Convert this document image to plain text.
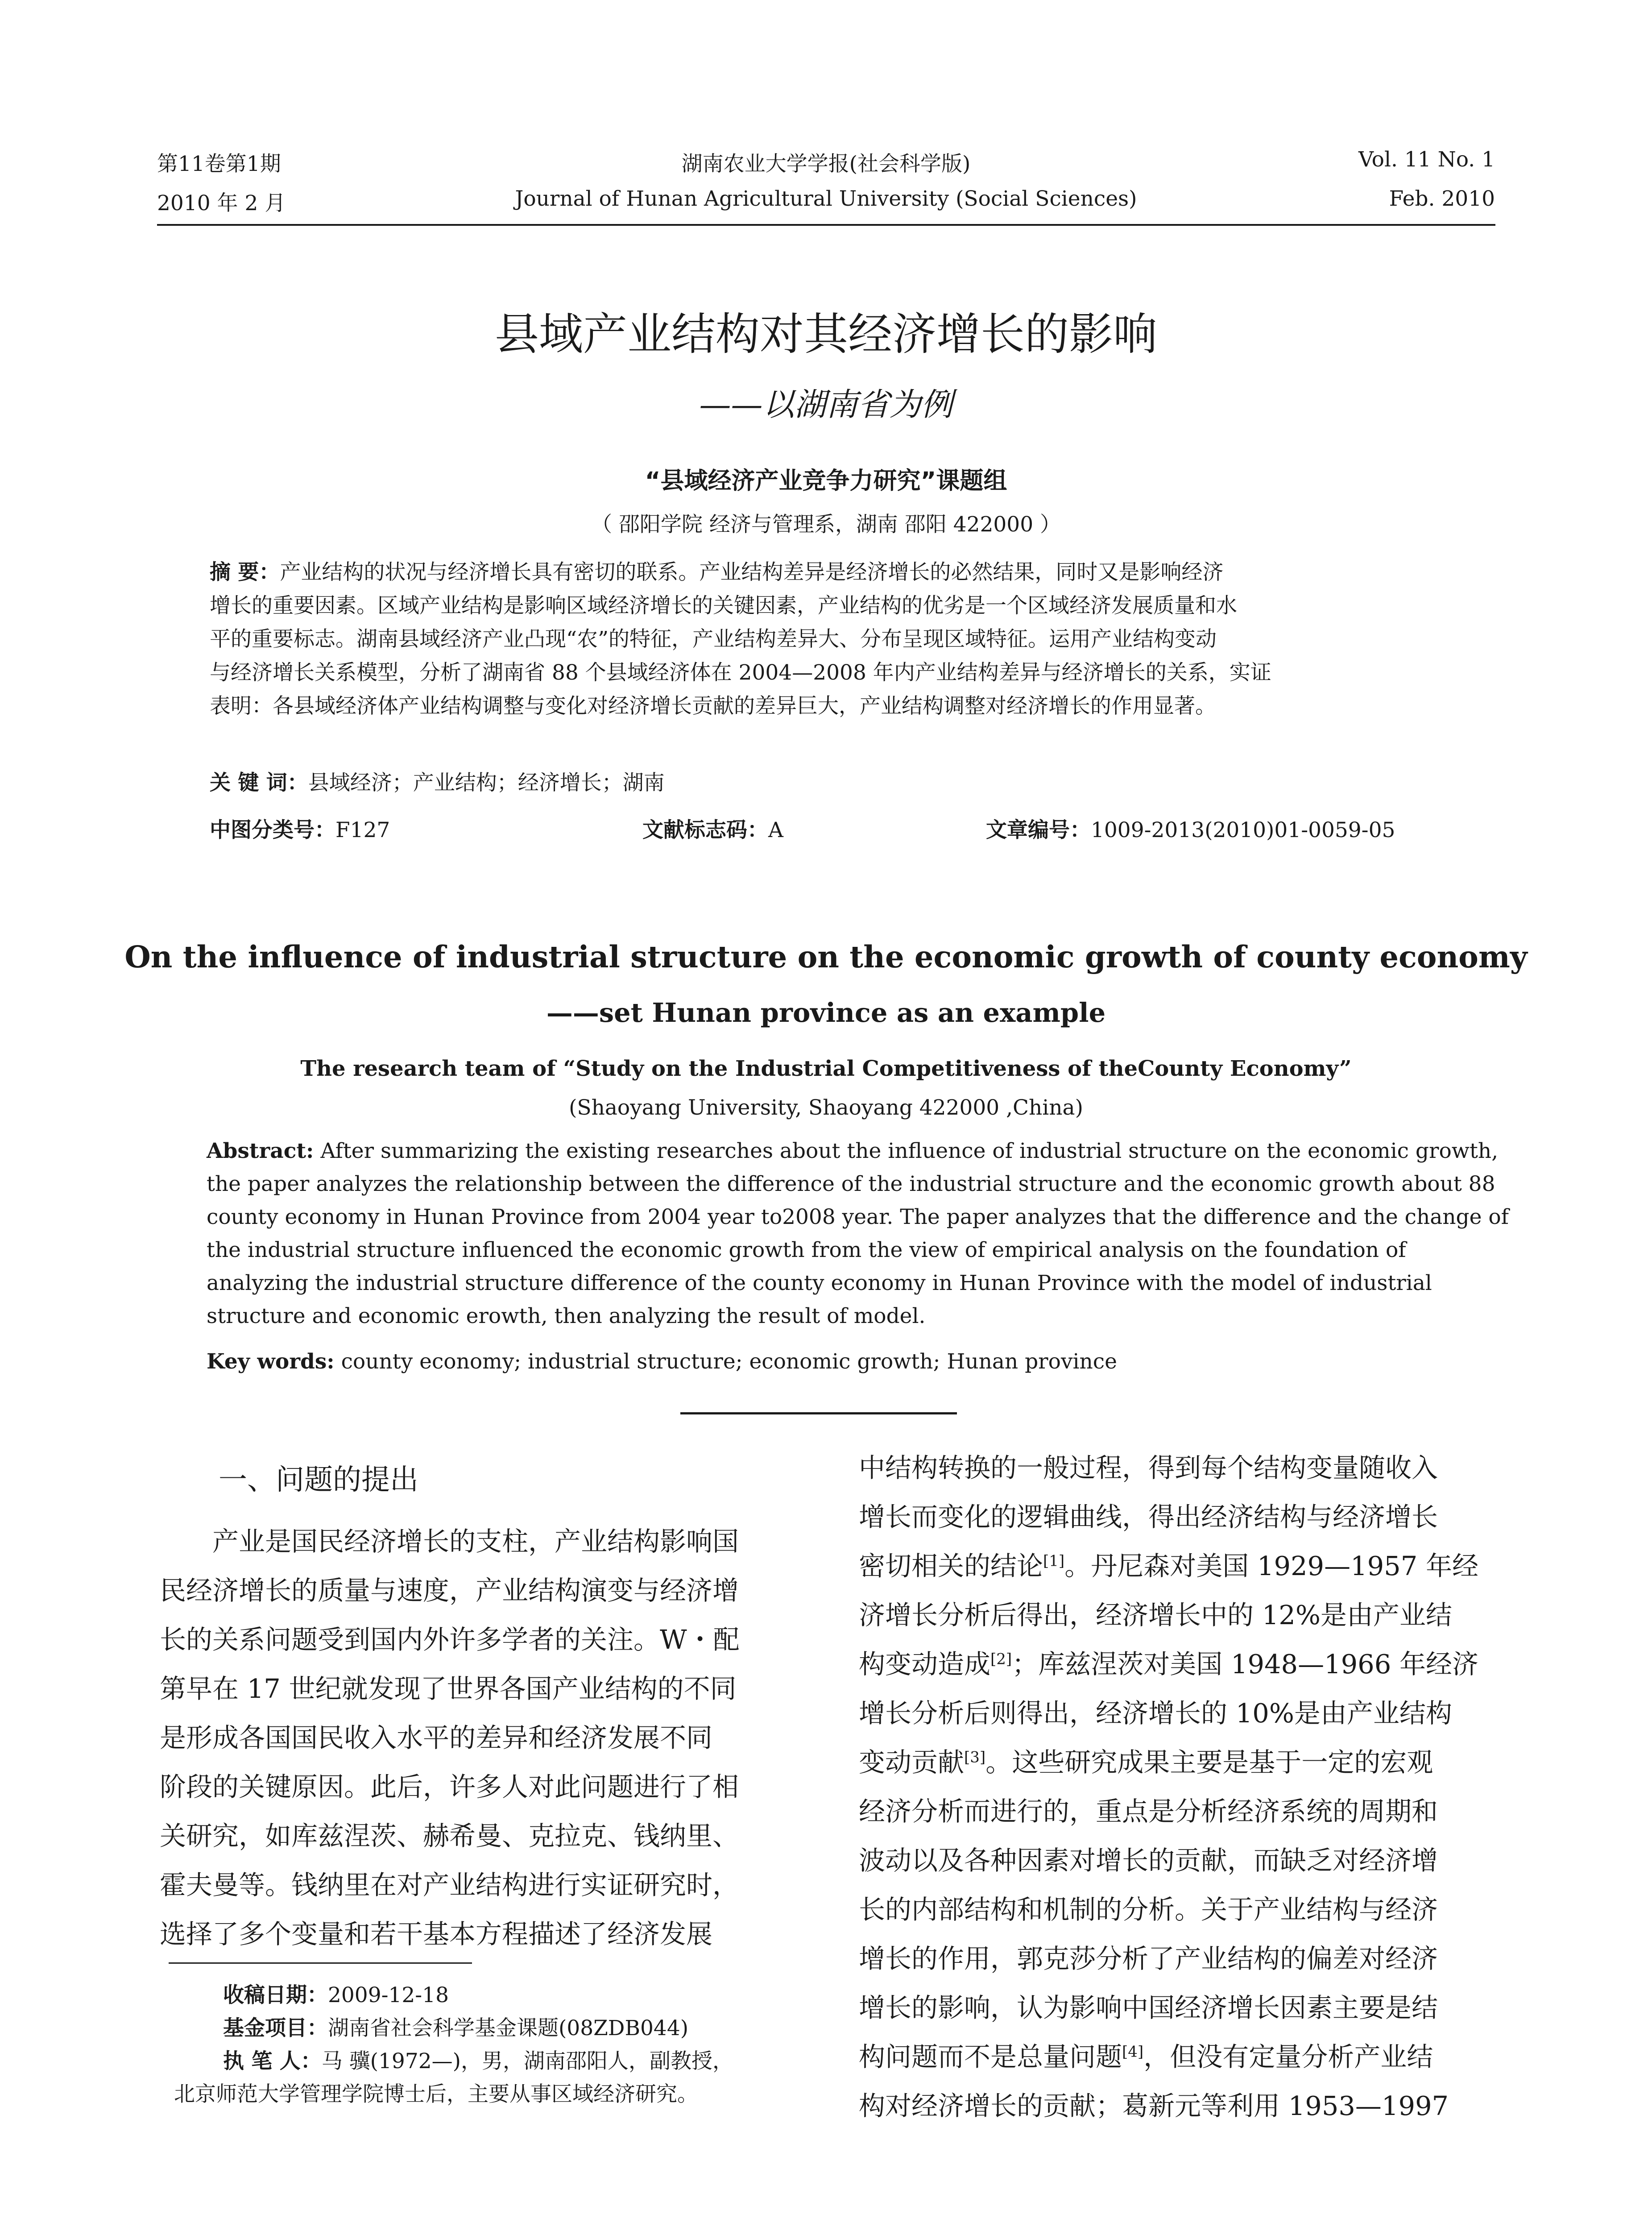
第11卷第1期	湖南农业大学学报(社会科学版)	Vol. 11 No. 1
2010 年 2 月	Journal of Hunan Agricultural University (Social Sciences)	Feb. 2010
县域产业结构对其经济增长的影响
——以湖南省为例
“县域经济产业竞争力研究”课题组
（ 邵阳学院 经济与管理系，湖南 邵阳 422000 ）
摘 要：产业结构的状况与经济增长具有密切的联系。产业结构差异是经济增长的必然结果，同时又是影响经济
增长的重要因素。区域产业结构是影响区域经济增长的关键因素，产业结构的优劣是一个区域经济发展质量和水
平的重要标志。湖南县域经济产业凸现“农”的特征，产业结构差异大、分布呈现区域特征。运用产业结构变动
与经济增长关系模型，分析了湖南省 88 个县域经济体在 2004—2008 年内产业结构差异与经济增长的关系，实证
表明：各县域经济体产业结构调整与变化对经济增长贡献的差异巨大，产业结构调整对经济增长的作用显著。
关 键 词：县域经济；产业结构；经济增长；湖南
中图分类号：F127	文献标志码：A	文章编号：1009-2013(2010)01-0059-05
On the influence of industrial structure on the economic growth of county economy
——set Hunan province as an example
The research team of “Study on the Industrial Competitiveness of theCounty Economy”
(Shaoyang University, Shaoyang 422000 ,China)
Abstract: After summarizing the existing researches about the influence of industrial structure on the economic growth,
the paper analyzes the relationship between the difference of the industrial structure and the economic growth about 88
county economy in Hunan Province from 2004 year to2008 year. The paper analyzes that the difference and the change of
the industrial structure influenced the economic growth from the view of empirical analysis on the foundation of
analyzing the industrial structure difference of the county economy in Hunan Province with the model of industrial
structure and economic erowth, then analyzing the result of model.
Key words: county economy; industrial structure; economic growth; Hunan province
一、问题的提出
产业是国民经济增长的支柱，产业结构影响国
民经济增长的质量与速度，产业结构演变与经济增
长的关系问题受到国内外许多学者的关注。W・配
第早在 17 世纪就发现了世界各国产业结构的不同
是形成各国国民收入水平的差异和经济发展不同
阶段的关键原因。此后，许多人对此问题进行了相
关研究，如库兹涅茨、赫希曼、克拉克、钱纳里、
霍夫曼等。钱纳里在对产业结构进行实证研究时，
选择了多个变量和若干基本方程描述了经济发展
收稿日期：2009-12-18
基金项目：湖南省社会科学基金课题(08ZDB044)
执 笔 人：马 骥(1972—)，男，湖南邵阳人，副教授，
北京师范大学管理学院博士后，主要从事区域经济研究。
中结构转换的一般过程，得到每个结构变量随收入
增长而变化的逻辑曲线，得出经济结构与经济增长
密切相关的结论[1]。丹尼森对美国 1929—1957 年经
济增长分析后得出，经济增长中的 12%是由产业结
构变动造成[2]；库兹涅茨对美国 1948—1966 年经济
增长分析后则得出，经济增长的 10%是由产业结构
变动贡献[3]。这些研究成果主要是基于一定的宏观
经济分析而进行的，重点是分析经济系统的周期和
波动以及各种因素对增长的贡献，而缺乏对经济增
长的内部结构和机制的分析。关于产业结构与经济
增长的作用，郭克莎分析了产业结构的偏差对经济
增长的影响，认为影响中国经济增长因素主要是结
构问题而不是总量问题[4]，但没有定量分析产业结
构对经济增长的贡献；葛新元等利用 1953—1997
